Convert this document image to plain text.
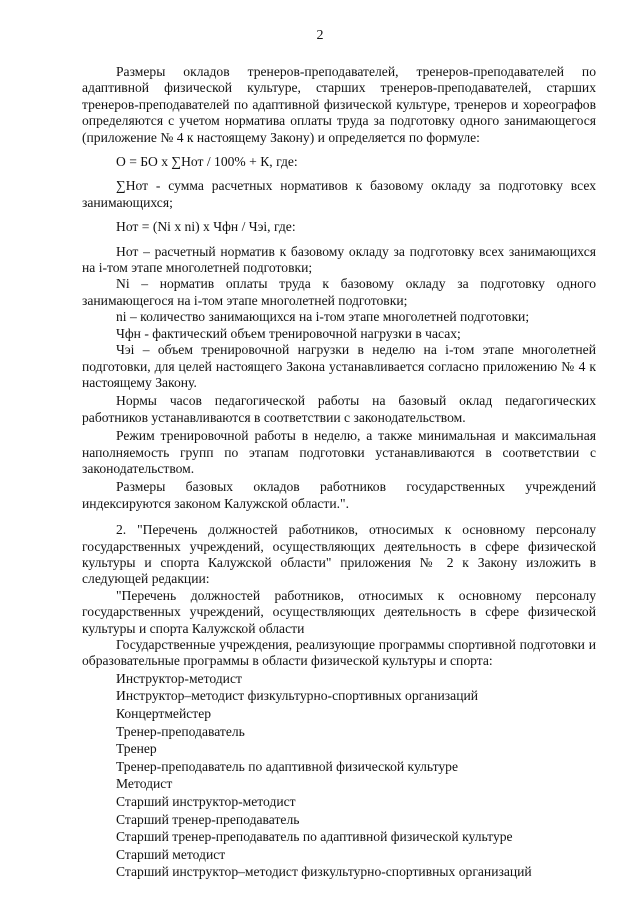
2

Размеры окладов тренеров-преподавателей, тренеров-преподавателей по адаптивной физической культуре, старших тренеров-преподавателей, старших тренеров-преподавателей по адаптивной физической культуре, тренеров и хореографов определяются с учетом норматива оплаты труда за подготовку одного занимающегося (приложение № 4 к настоящему Закону) и определяется по формуле:

О = БО х ∑Нот / 100% + К, где:

∑Нот - сумма расчетных нормативов к базовому окладу за подготовку всех занимающихся;

Нот = (Ni x ni) х Чфн / Чэi, где:

Нот – расчетный норматив к базовому окладу за подготовку всех занимающихся на i-том этапе многолетней подготовки;

Ni – норматив оплаты труда к базовому окладу за подготовку одного занимающегося на i-том этапе многолетней подготовки;

ni – количество занимающихся на i-том этапе многолетней подготовки;

Чфн - фактический объем тренировочной нагрузки в часах;

Чэi – объем тренировочной нагрузки в неделю на i-том этапе многолетней подготовки, для целей настоящего Закона устанавливается согласно приложению № 4 к настоящему Закону.

Нормы часов педагогической работы на базовый оклад педагогических работников устанавливаются в соответствии с законодательством.

Режим тренировочной работы в неделю, а также минимальная и максимальная наполняемость групп по этапам подготовки устанавливаются в соответствии с законодательством.

Размеры базовых окладов работников государственных учреждений индексируются законом Калужской области.".

2. "Перечень должностей работников, относимых к основному персоналу государственных учреждений, осуществляющих деятельность в сфере физической культуры и спорта Калужской области" приложения № 2 к Закону изложить в следующей редакции:

"Перечень должностей работников, относимых к основному персоналу государственных учреждений, осуществляющих деятельность в сфере физической культуры и спорта Калужской области

Государственные учреждения, реализующие программы спортивной подготовки и образовательные программы в области физической культуры и спорта:

Инструктор-методист
Инструктор–методист физкультурно-спортивных организаций
Концертмейстер
Тренер-преподаватель
Тренер
Тренер-преподаватель по адаптивной физической культуре
Методист
Старший инструктор-методист
Старший тренер-преподаватель
Старший тренер-преподаватель по адаптивной физической культуре
Старший методист
Старший инструктор–методист физкультурно-спортивных организаций
